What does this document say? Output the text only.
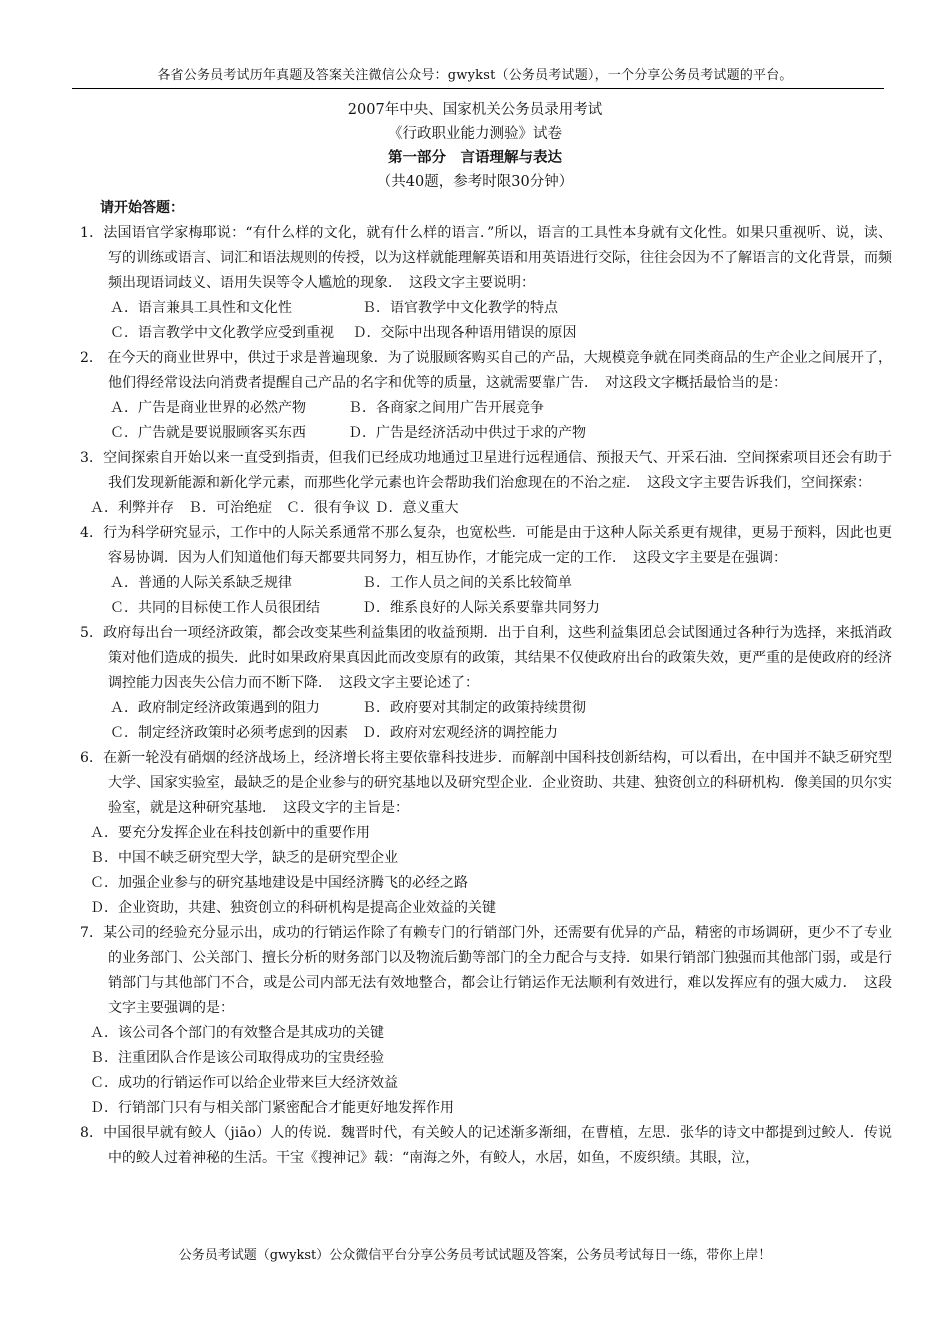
各省公务员考试历年真题及答案关注微信公众号：gwykst（公务员考试题），一个分享公务员考试题的平台。
2007年中央、国家机关公务员录用考试
《行政职业能力测验》试卷
第一部分　言语理解与表达
（共40题，参考时限30分钟）
请开始答题：

1．法国语官学家梅耶说：“有什么样的文化，就有什么样的语言．”所以，语言的工具性本身就有文化性。如果只重视听、说，读、写的训练或语言、词汇和语法规则的传授，以为这样就能理解英语和用英语进行交际，往往会因为不了解语言的文化背景，而频频出现语词歧义、语用失误等令人尴尬的现象．　这段文字主要说明：

Ａ．语言兼具工具性和文化性　　　　　Ｂ．语官教学中文化教学的特点

Ｃ．语言教学中文化教学应受到重视　 Ｄ．交际中出现各种语用错误的原因

2． 在今天的商业世界中，供过于求是普遍现象．为了说服顾客购买自己的产品，大规模竞争就在同类商品的生产企业之间展开了，他们得经常设法向消费者提醒自己产品的名字和优等的质量，这就需要靠广告．　对这段文字概括最恰当的是：

Ａ．广告是商业世界的必然产物　　　Ｂ．各商家之间用广告开展竞争

Ｃ．广告就是要说服顾客买东西　　　Ｄ．广告是经济活动中供过于求的产物

3．空间探索自开始以来一直受到指责，但我们已经成功地通过卫星进行远程通信、预报天气、开采石油．空间探索项目还会有助于我们发现新能源和新化学元素，而那些化学元素也许会帮助我们治愈现在的不治之症．　这段文字主要告诉我们，空间探索：

Ａ．利弊并存　Ｂ．可治绝症　Ｃ．很有争议 Ｄ．意义重大

4．行为科学研究显示，工作中的人际关系通常不那么复杂，也宽松些．可能是由于这种人际关系更有规律，更易于预料，因此也更容易协调．因为人们知道他们每天都要共同努力，相互协作，才能完成一定的工作．　这段文字主要是在强调：

Ａ．普通的人际关系缺乏规律　　　　　Ｂ．工作人员之间的关系比较简单

Ｃ．共同的目标使工作人员很团结　　　Ｄ．维系良好的人际关系要靠共同努力

5．政府每出台一项经济政策，都会改变某些利益集团的收益预期．出于自利，这些利益集团总会试图通过各种行为选择，来抵消政策对他们造成的损失．此时如果政府果真因此而改变原有的政策，其结果不仅使政府出台的政策失效，更严重的是使政府的经济调控能力因丧失公信力而不断下降．　这段文字主要论述了：

Ａ．政府制定经济政策遇到的阻力　　　Ｂ．政府要对其制定的政策持续贯彻

Ｃ．制定经济政策时必须考虑到的因素　Ｄ．政府对宏观经济的调控能力

6．在新一轮没有硝烟的经济战场上，经济增长将主要依靠科技进步．而解剖中国科技创新结构，可以看出，在中国并不缺乏研究型大学、国家实验室，最缺乏的是企业参与的研究基地以及研究型企业．企业资助、共建、独资创立的科研机构．像美国的贝尔实验室，就是这种研究基地．　这段文字的主旨是：

Ａ．要充分发挥企业在科技创新中的重要作用

Ｂ．中国不峡乏研究型大学，缺乏的是研究型企业

Ｃ．加强企业参与的研究基地建设是中国经济腾飞的必经之路

Ｄ．企业资助，共建、独资创立的科研机构是提高企业效益的关键

7．某公司的经验充分显示出，成功的行销运作除了有赖专门的行销部门外，还需要有优异的产品，精密的市场调研，更少不了专业的业务部门、公关部门、擅长分析的财务部门以及物流后勤等部门的全力配合与支持．如果行销部门独强而其他部门弱，或是行销部门与其他部门不合，或是公司内部无法有效地整合，都会让行销运作无法顺利有效进行，难以发挥应有的强大威力．　这段文字主要强调的是：

Ａ．该公司各个部门的有效整合是其成功的关键

Ｂ．注重团队合作是该公司取得成功的宝贵经验

Ｃ．成功的行销运作可以给企业带来巨大经济效益

Ｄ．行销部门只有与相关部门紧密配合才能更好地发挥作用

8．中国很早就有鲛人（jiāo）人的传说．魏晋时代，有关鲛人的记述渐多渐细，在曹植，左思．张华的诗文中都提到过鲛人．传说中的鲛人过着神秘的生活。干宝《搜神记》载：“南海之外，有鲛人，水居，如鱼，不废织绩。其眼，泣，

公务员考试题（gwykst）公众微信平台分享公务员考试试题及答案，公务员考试每日一练，带你上岸！
